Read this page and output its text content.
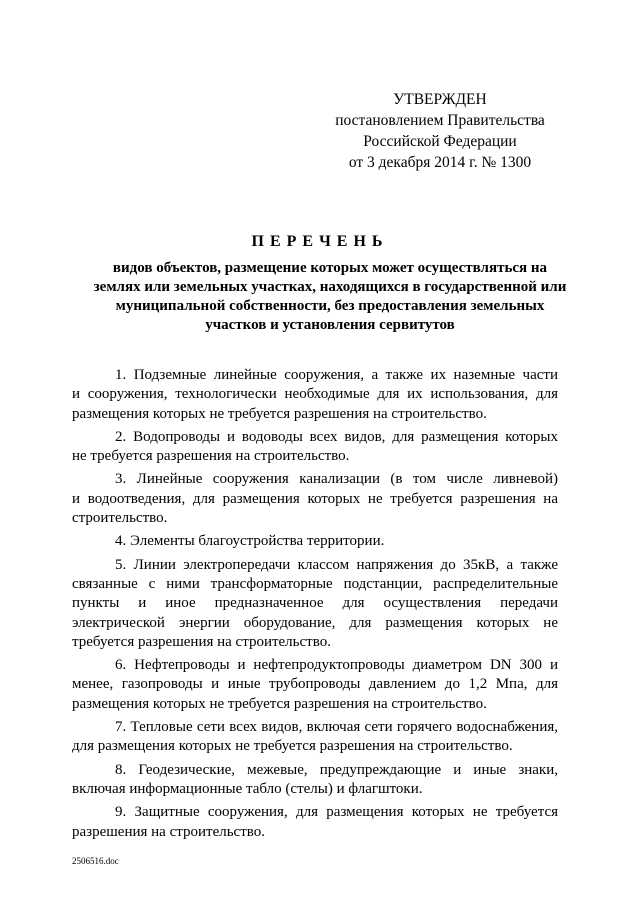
УТВЕРЖДЕН
постановлением Правительства
Российской Федерации
от 3 декабря 2014 г. № 1300
ПЕРЕЧЕНЬ
видов объектов, размещение которых может осуществляться на
землях или земельных участках, находящихся в государственной или
муниципальной собственности, без предоставления земельных
участков и установления сервитутов
1. Подземные линейные сооружения, а также их наземные части
и сооружения, технологически необходимые для их использования, для
размещения которых не требуется разрешения на строительство.
2. Водопроводы и водоводы всех видов, для размещения которых
не требуется разрешения на строительство.
3. Линейные сооружения канализации (в том числе ливневой)
и водоотведения, для размещения которых не требуется разрешения на
строительство.
4. Элементы благоустройства территории.
5. Линии электропередачи классом напряжения до 35кВ, а также
связанные с ними трансформаторные подстанции, распределительные
пункты и иное предназначенное для осуществления передачи
электрической энергии оборудование, для размещения которых не
требуется разрешения на строительство.
6. Нефтепроводы и нефтепродуктопроводы диаметром DN 300 и
менее, газопроводы и иные трубопроводы давлением до 1,2 Мпа, для
размещения которых не требуется разрешения на строительство.
7. Тепловые сети всех видов, включая сети горячего водоснабжения,
для размещения которых не требуется разрешения на строительство.
8. Геодезические, межевые, предупреждающие и иные знаки,
включая информационные табло (стелы) и флагштоки.
9. Защитные сооружения, для размещения которых не требуется
разрешения на строительство.
2506516.doc
